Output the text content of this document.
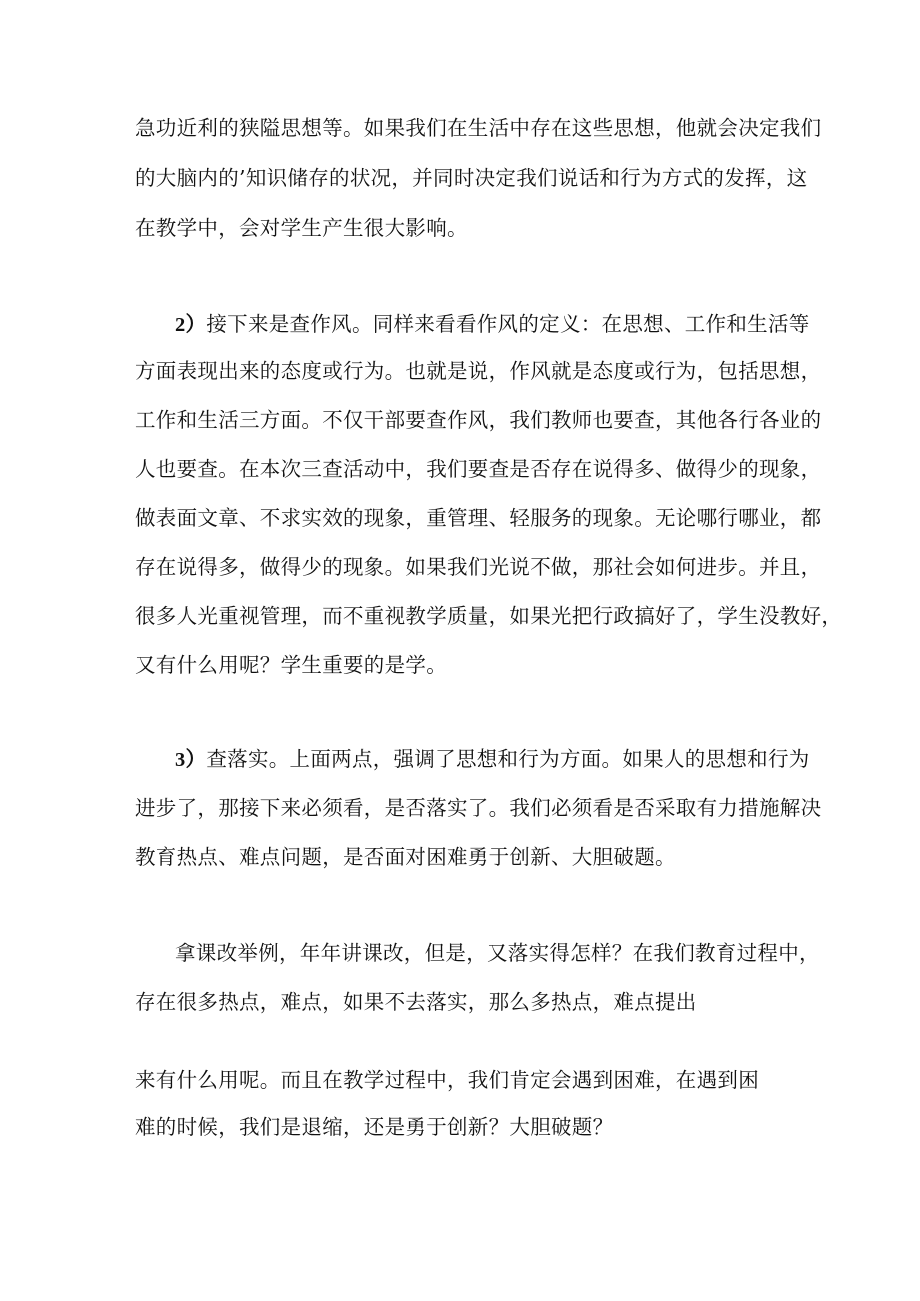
急功近利的狭隘思想等。如果我们在生活中存在这些思想，他就会决定我们

的大脑内的’知识储存的状况，并同时决定我们说话和行为方式的发挥，这

在教学中，会对学生产生很大影响。

2）接下来是查作风。同样来看看作风的定义：在思想、工作和生活等

方面表现出来的态度或行为。也就是说，作风就是态度或行为，包括思想，

工作和生活三方面。不仅干部要查作风，我们教师也要查，其他各行各业的

人也要查。在本次三查活动中，我们要查是否存在说得多、做得少的现象，

做表面文章、不求实效的现象，重管理、轻服务的现象。无论哪行哪业，都

存在说得多，做得少的现象。如果我们光说不做，那社会如何进步。并且，

很多人光重视管理，而不重视教学质量，如果光把行政搞好了，学生没教好，

又有什么用呢？学生重要的是学。

3）查落实。上面两点，强调了思想和行为方面。如果人的思想和行为

进步了，那接下来必须看，是否落实了。我们必须看是否采取有力措施解决

教育热点、难点问题，是否面对困难勇于创新、大胆破题。

拿课改举例，年年讲课改，但是，又落实得怎样？在我们教育过程中，

存在很多热点，难点，如果不去落实，那么多热点，难点提出

来有什么用呢。而且在教学过程中，我们肯定会遇到困难，在遇到困

难的时候，我们是退缩，还是勇于创新？大胆破题？
